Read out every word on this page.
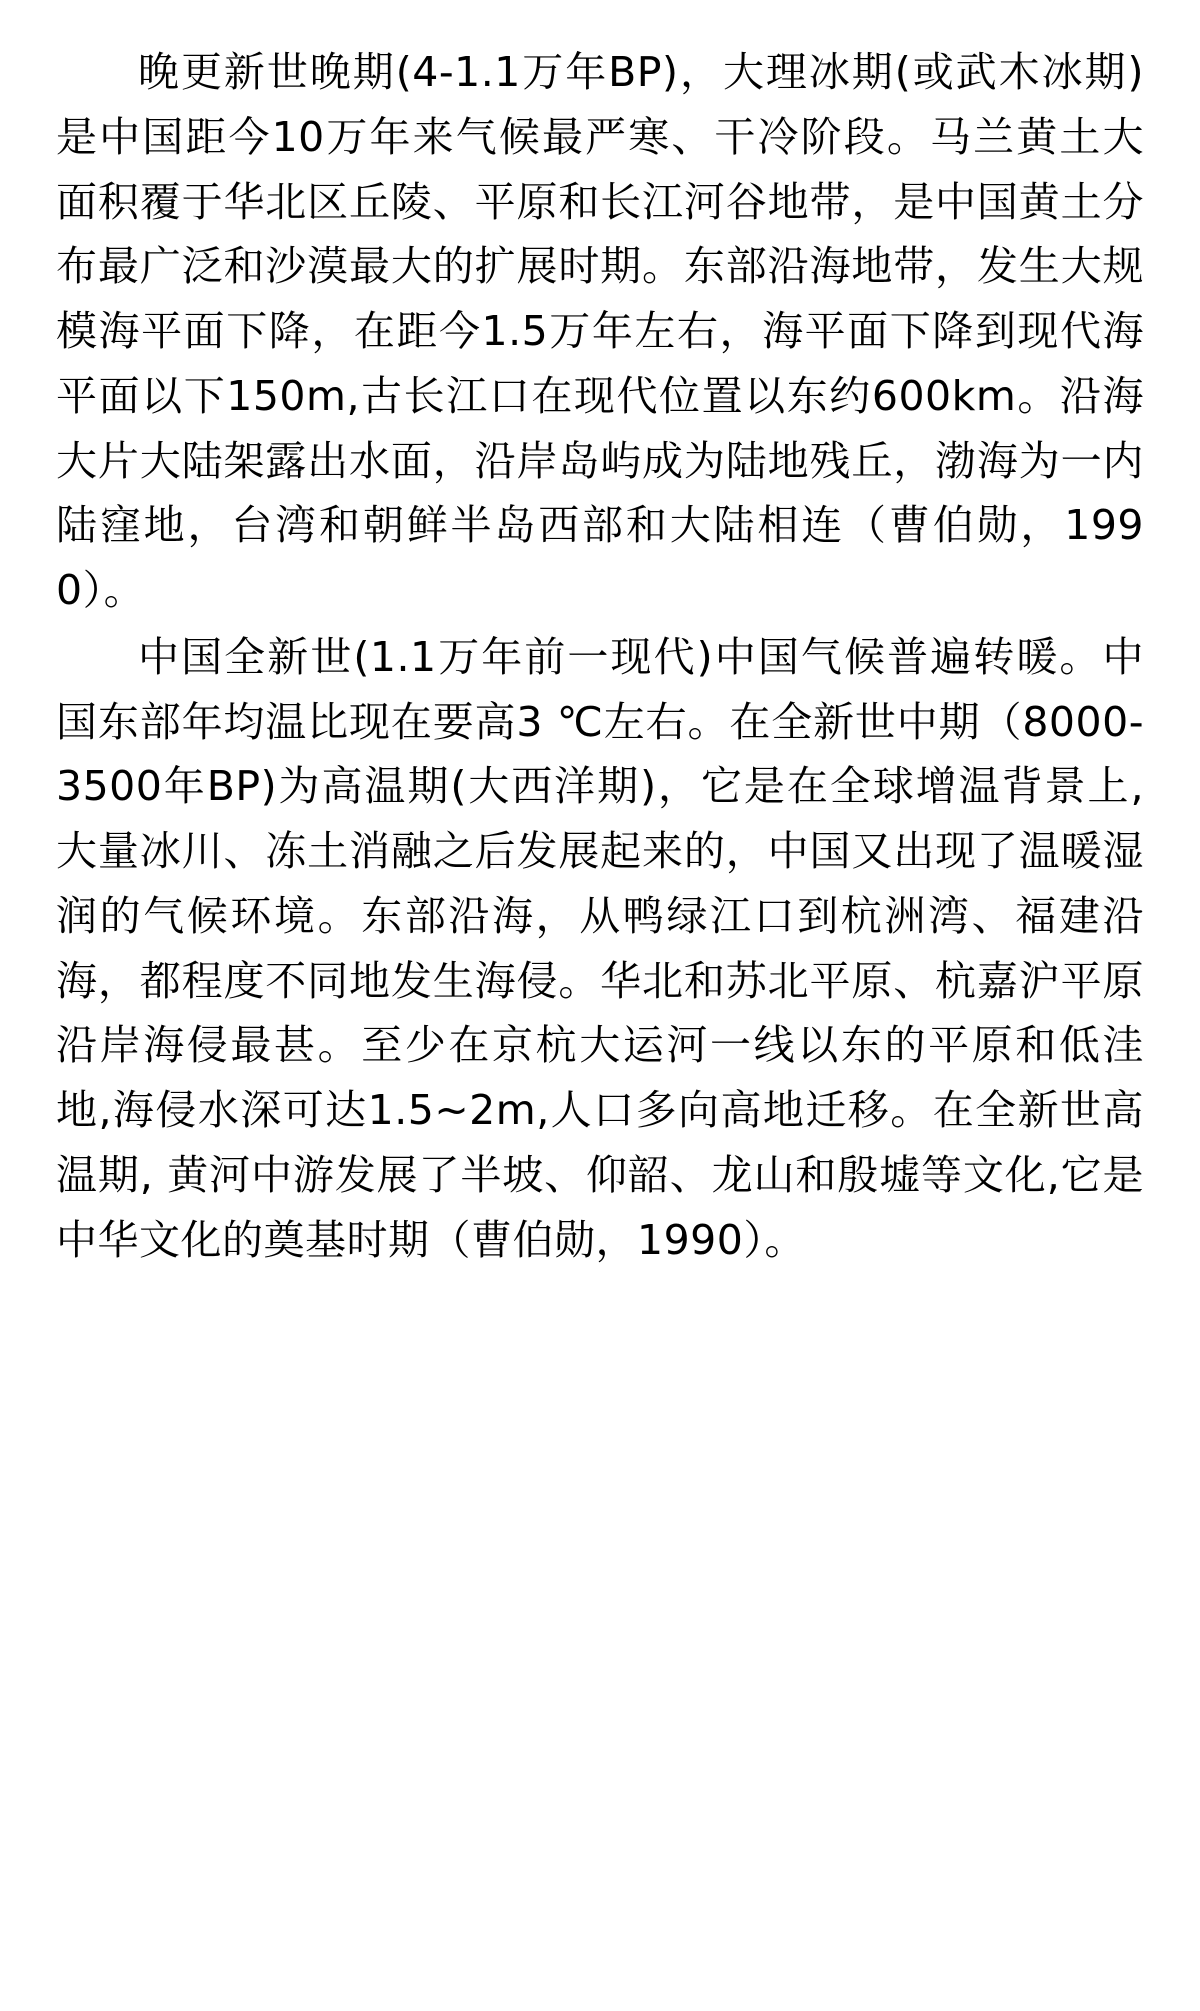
晚更新世晚期(4-1.1万年BP)，大理冰期(或武木冰期)是中国距今10万年来气候最严寒、干冷阶段。马兰黄土大面积覆于华北区丘陵、平原和长江河谷地带，是中国黄土分布最广泛和沙漠最大的扩展时期。东部沿海地带，发生大规模海平面下降，在距今1.5万年左右，海平面下降到现代海平面以下150m,古长江口在现代位置以东约600km。沿海大片大陆架露出水面，沿岸岛屿成为陆地残丘，渤海为一内陆窪地，台湾和朝鲜半岛西部和大陆相连（曹伯勋，1990）。

中国全新世(1.1万年前一现代)中国气候普遍转暖。中国东部年均温比现在要高3 ℃左右。在全新世中期（8000-3500年BP)为高温期(大西洋期)，它是在全球增温背景上,大量冰川、冻土消融之后发展起来的，中国又出现了温暖湿润的气候环境。东部沿海，从鸭绿江口到杭洲湾、福建沿海，都程度不同地发生海侵。华北和苏北平原、杭嘉沪平原沿岸海侵最甚。至少在京杭大运河一线以东的平原和低洼地,海侵水深可达1.5~2m,人口多向高地迁移。在全新世高温期, 黄河中游发展了半坡、仰韶、龙山和殷墟等文化,它是中华文化的奠基时期（曹伯勋，1990）。
